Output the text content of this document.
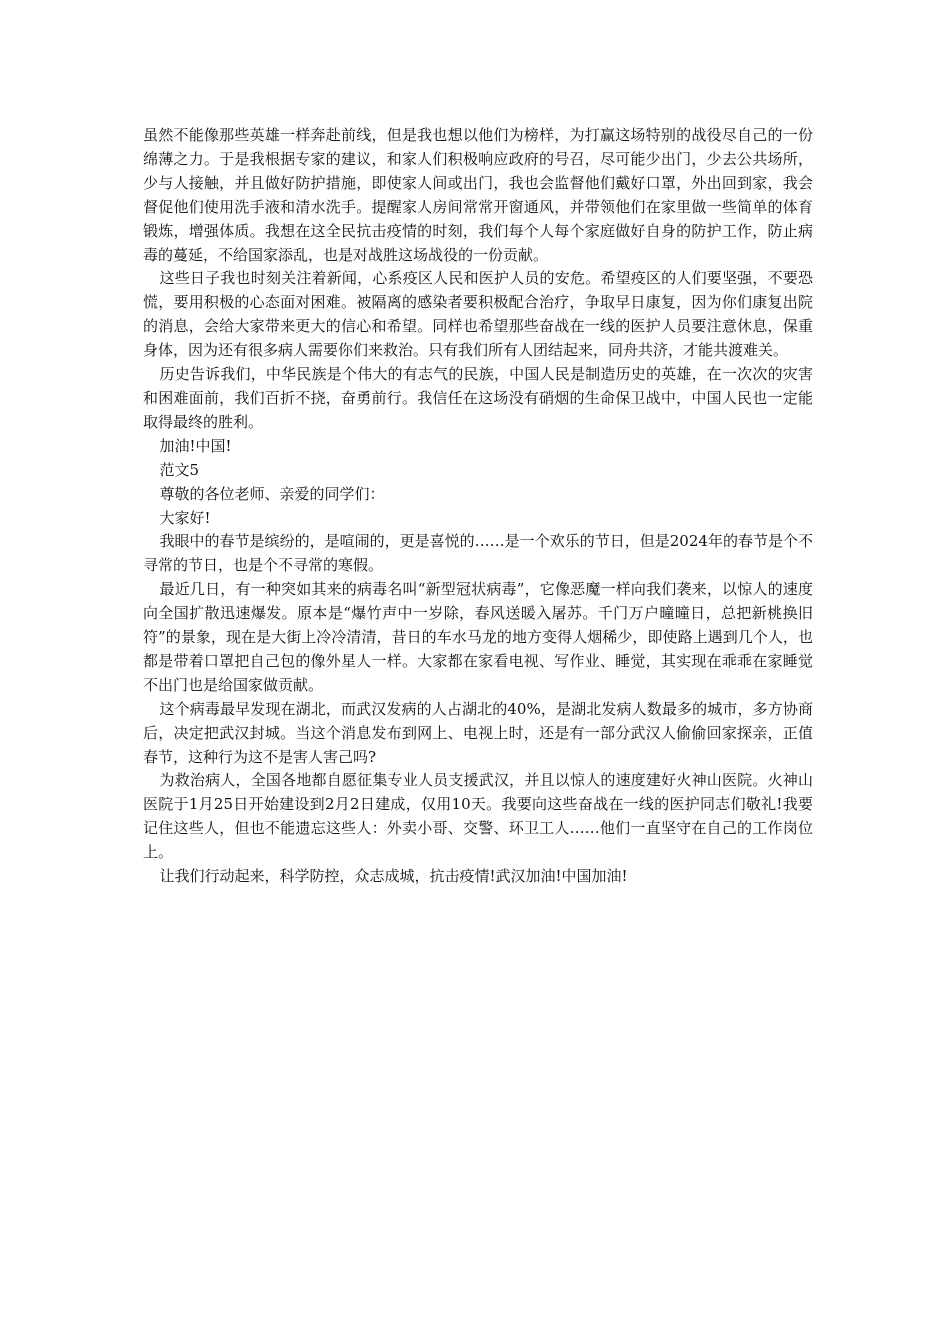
虽然不能像那些英雄一样奔赴前线，但是我也想以他们为榜样，为打赢这场特别的战役尽自己的一份绵薄之力。于是我根据专家的建议，和家人们积极响应政府的号召，尽可能少出门，少去公共场所，少与人接触，并且做好防护措施，即使家人间或出门，我也会监督他们戴好口罩，外出回到家，我会督促他们使用洗手液和清水洗手。提醒家人房间常常开窗通风，并带领他们在家里做一些简单的体育锻炼，增强体质。我想在这全民抗击疫情的时刻，我们每个人每个家庭做好自身的防护工作，防止病毒的蔓延，不给国家添乱，也是对战胜这场战役的一份贡献。

这些日子我也时刻关注着新闻，心系疫区人民和医护人员的安危。希望疫区的人们要坚强，不要恐慌，要用积极的心态面对困难。被隔离的感染者要积极配合治疗，争取早日康复，因为你们康复出院的消息，会给大家带来更大的信心和希望。同样也希望那些奋战在一线的医护人员要注意休息，保重身体，因为还有很多病人需要你们来救治。只有我们所有人团结起来，同舟共济，才能共渡难关。

历史告诉我们，中华民族是个伟大的有志气的民族，中国人民是制造历史的英雄，在一次次的灾害和困难面前，我们百折不挠，奋勇前行。我信任在这场没有硝烟的生命保卫战中，中国人民也一定能取得最终的胜利。

加油!中国!

范文5

尊敬的各位老师、亲爱的同学们：

大家好!

我眼中的春节是缤纷的，是喧闹的，更是喜悦的……是一个欢乐的节日，但是2024年的春节是个不寻常的节日，也是个不寻常的寒假。

最近几日，有一种突如其来的病毒名叫“新型冠状病毒”，它像恶魔一样向我们袭来，以惊人的速度向全国扩散迅速爆发。原本是“爆竹声中一岁除，春风送暖入屠苏。千门万户曈曈日，总把新桃换旧符”的景象，现在是大街上冷冷清清，昔日的车水马龙的地方变得人烟稀少，即使路上遇到几个人，也都是带着口罩把自己包的像外星人一样。大家都在家看电视、写作业、睡觉，其实现在乖乖在家睡觉不出门也是给国家做贡献。

这个病毒最早发现在湖北，而武汉发病的人占湖北的40%，是湖北发病人数最多的城市，多方协商后，决定把武汉封城。当这个消息发布到网上、电视上时，还是有一部分武汉人偷偷回家探亲，正值春节，这种行为这不是害人害己吗?

为救治病人，全国各地都自愿征集专业人员支援武汉，并且以惊人的速度建好火神山医院。火神山医院于1月25日开始建设到2月2日建成，仅用10天。我要向这些奋战在一线的医护同志们敬礼!我要记住这些人，但也不能遗忘这些人：外卖小哥、交警、环卫工人……他们一直坚守在自己的工作岗位上。

让我们行动起来，科学防控，众志成城，抗击疫情!武汉加油!中国加油!
